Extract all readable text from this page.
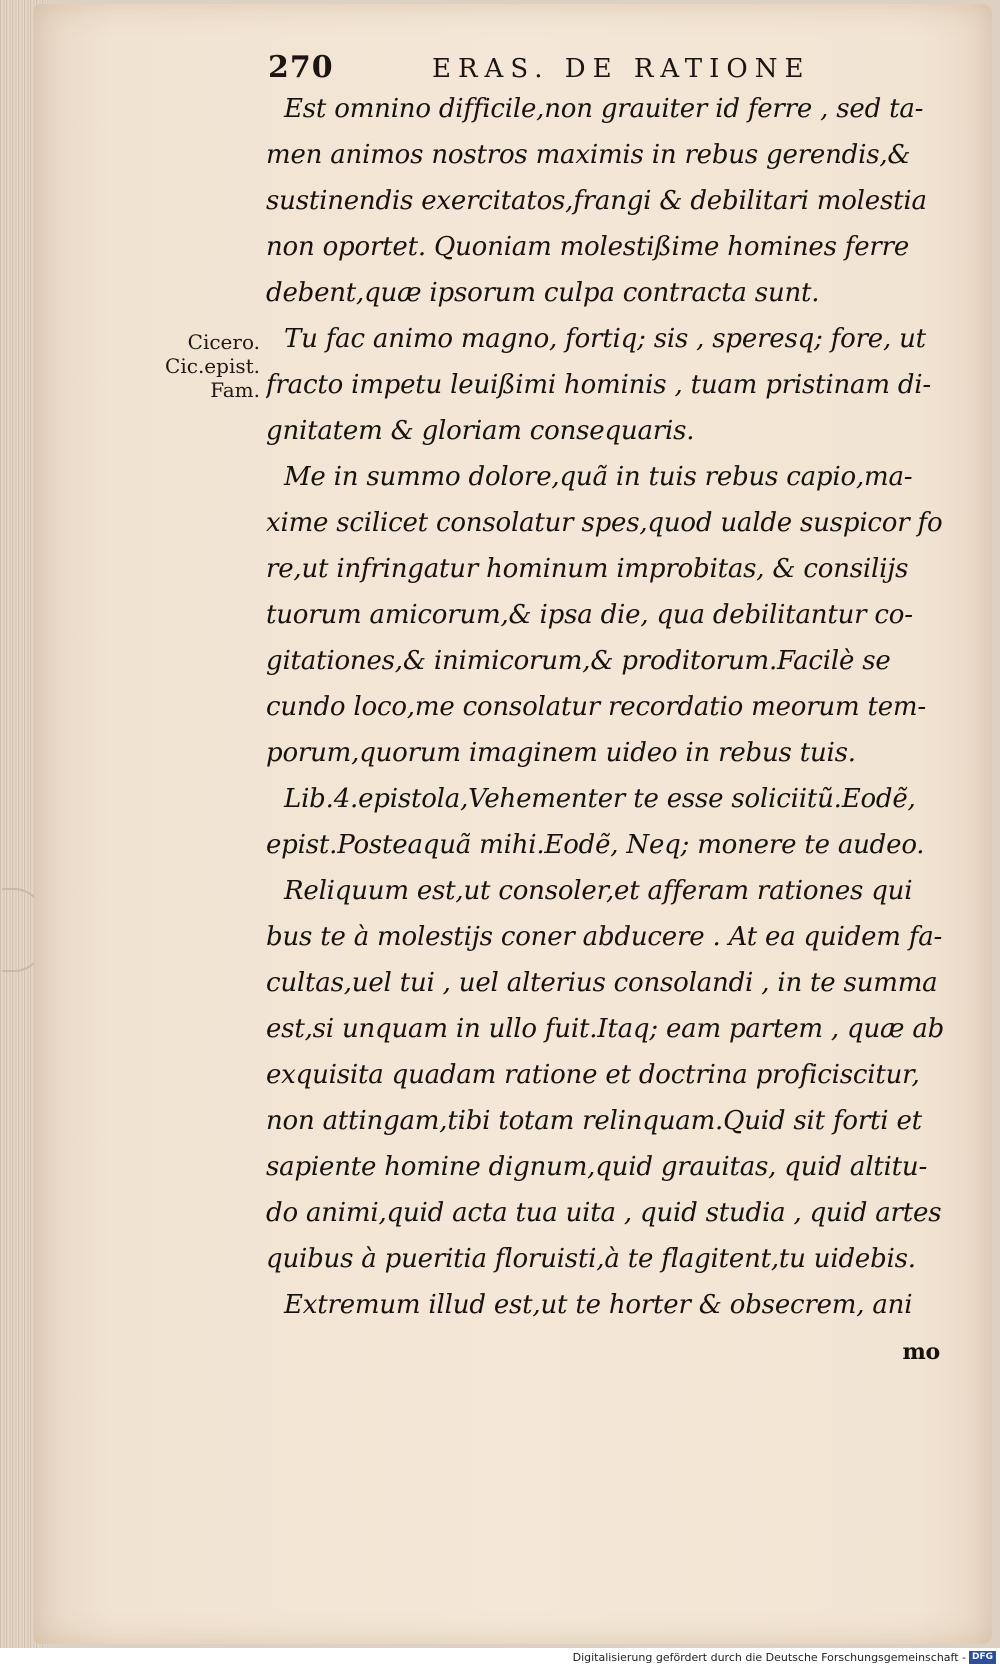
270	ERAS. DE RATIONE
Cicero.
Cic.epist.
Fam.
Est omnino difficile,non grauiter id ferre , sed ta-
men animos nostros maximis in rebus gerendis,&
sustinendis exercitatos,frangi & debilitari molestia
non oportet. Quoniam molestißime homines ferre
debent,quæ ipsorum culpa contracta sunt.
Tu fac animo magno, fortiq; sis , speresq; fore, ut
fracto impetu leuißimi hominis , tuam pristinam di-
gnitatem & gloriam consequaris.
Me in summo dolore,quã in tuis rebus capio,ma-
xime scilicet consolatur spes,quod ualde suspicor fo
re,ut infringatur hominum improbitas, & consilijs
tuorum amicorum,& ipsa die, qua debilitantur co-
gitationes,& inimicorum,& proditorum.Facilè se
cundo loco,me consolatur recordatio meorum tem-
porum,quorum imaginem uideo in rebus tuis.
Lib.4.epistola,Vehementer te esse soliciitũ.Eodẽ,
epist.Posteaquã mihi.Eodẽ, Neq; monere te audeo.
Reliquum est,ut consoler,et afferam rationes qui
bus te à molestijs coner abducere . At ea quidem fa-
cultas,uel tui , uel alterius consolandi , in te summa
est,si unquam in ullo fuit.Itaq; eam partem , quæ ab
exquisita quadam ratione et doctrina proficiscitur,
non attingam,tibi totam relinquam.Quid sit forti et
sapiente homine dignum,quid grauitas, quid altitu-
do animi,quid acta tua uita , quid studia , quid artes
quibus à pueritia floruisti,à te flagitent,tu uidebis.
Extremum illud est,ut te horter & obsecrem, ani
mo
Digitalisierung gefördert durch die Deutsche Forschungsgemeinschaft - DFG
